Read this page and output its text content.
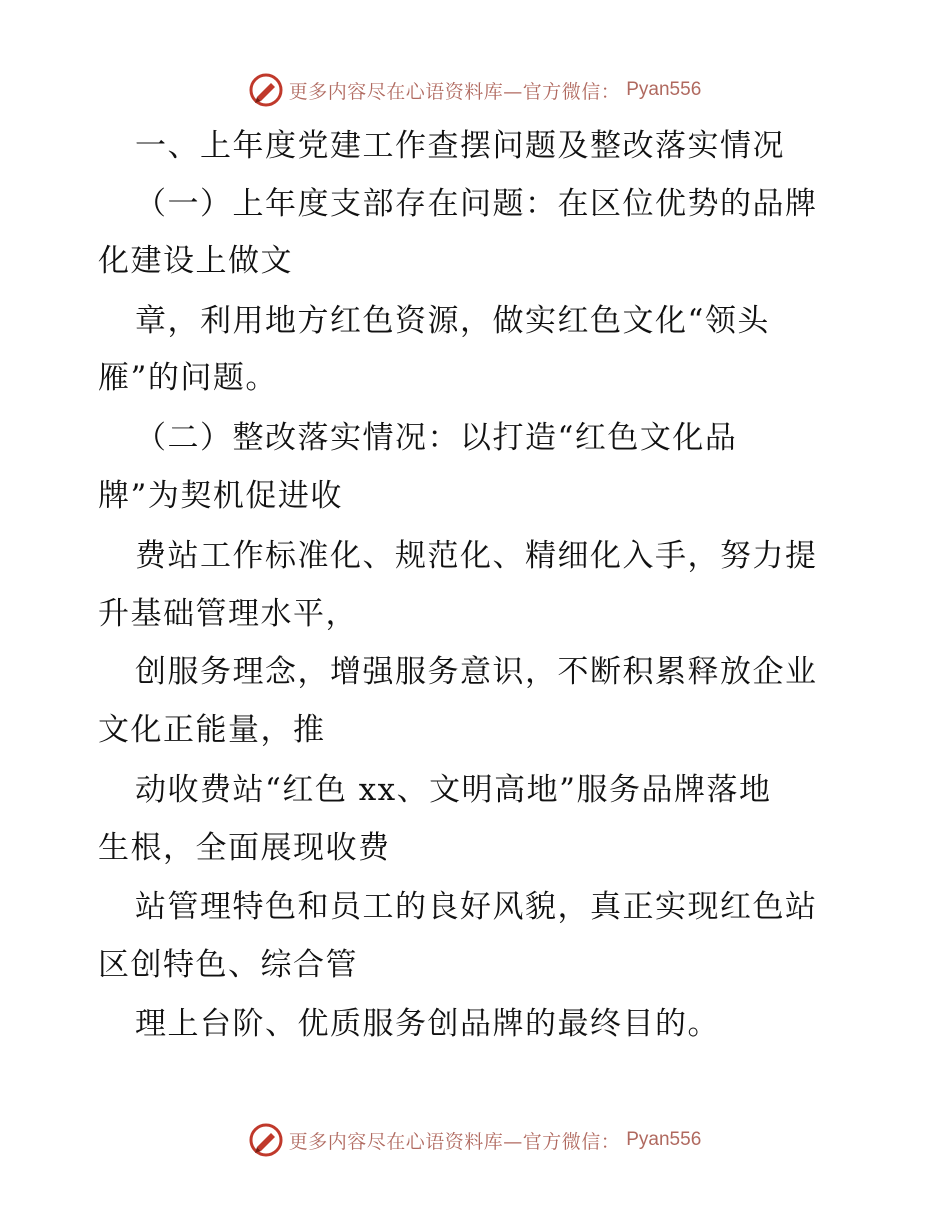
更多内容尽在心语资料库—官方微信： Pyan556
一、上年度党建工作查摆问题及整改落实情况
（一）上年度支部存在问题：在区位优势的品牌
化建设上做文
章，利用地方红色资源，做实红色文化“领头
雁”的问题。
（二）整改落实情况：以打造“红色文化品
牌”为契机促进收
费站工作标准化、规范化、精细化入手，努力提
升基础管理水平，
创服务理念，增强服务意识，不断积累释放企业
文化正能量，推
动收费站“红色 xx、文明高地”服务品牌落地
生根，全面展现收费
站管理特色和员工的良好风貌，真正实现红色站
区创特色、综合管
理上台阶、优质服务创品牌的最终目的。
更多内容尽在心语资料库—官方微信： Pyan556
